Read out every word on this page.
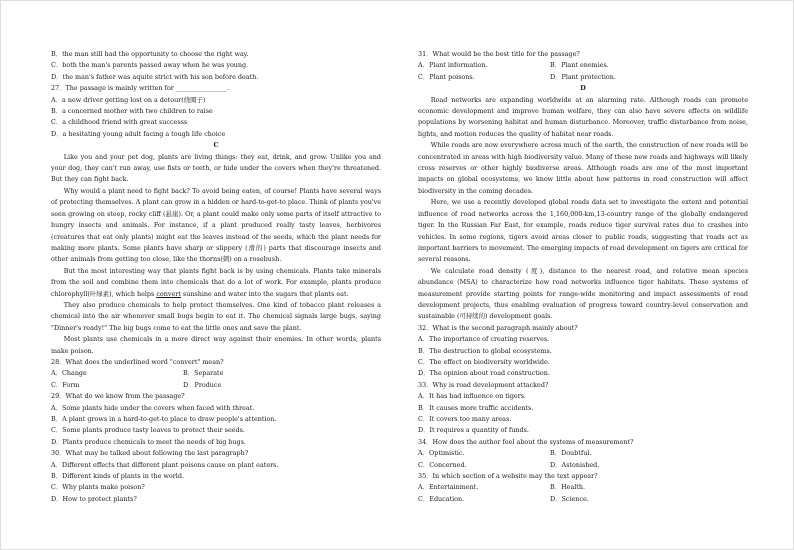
B．the man still had the opportunity to choose the right way.
C．both the man's parents passed away when he was young.
D．the man's father was aquite strict with his son before death.
27．The passage is mainly written for ________________.
A．a new driver getting lost on a detour(绕圈子)
B．a concerned mother with two children to raise
C．a childhood friend with great successs
D．a hesitating young adult facing a tough life choice
C
Like you and your pet dog, plants are living things: they eat, drink, and grow. Unlike you and your dog, they can't run away, use fists or teeth, or hide under the covers when they're threatened. But they can fight back.
Why would a plant need to fight back? To avoid being eaten, of course! Plants have several ways of protecting themselves. A plant can grow in a hidden or hard-to-get-to place. Think of plants you've seen growing on steep, rocky cliff (悬崖). Or, a plant could make only some parts of itself attractive to hungry insects and animals. For instance, if a plant produced really tasty leaves, herbivores (creatures that eat only plants) might eat the leaves instead of the seeds, which the plant needs for making more plants. Some plants have sharp or slippery (滑的) parts that discourage insects and other animals from getting too close, like the thorns(刺) on a rosebush.
But the most interesting way that plants fight back is by using chemicals. Plants take minerals from the soil and combine them into chemicals that do a lot of work. For example, plants produce chlorophyll(叶绿素), which helps convert sunshine and water into the sugars that plants eat.
They also produce chemicals to help protect themselves. One kind of tobacco plant releases a chemical into the air whenever small bugs begin to eat it. The chemical signals large bugs, saying "Dinner's ready!" The big bugs come to eat the little ones and save the plant.
Most plants use chemicals in a more direct way against their enemies. In other words, plants make poison.
28．What does the underlined word "convert" mean?
A．Change	B．Separate
C．Form	D．Produce
29．What do we know from the passage?
A．Some plants hide under the covers when faced with threat.
B．A plant grows in a hard-to-get-to place to draw people's attention.
C．Some plants produce tasty leaves to protect their seeds.
D．Plants produce chemicals to meet the needs of big bugs.
30．What may be talked about following the last paragraph?
A．Different effects that different plant poisons cause on plant eaters.
B．Different kinds of plants in the world.
C．Why plants make poison?
D．How to protect plants?
31．What would be the best title for the passage?
A．Plant information.	B．Plant enemies.
C．Plant poisons.	D．Plant protection.
D
Road networks are expanding worldwide at an alarming rate. Although roads can promote economic development and improve human welfare, they can also have severe effects on wildlife populations by worsening habitat and human disturbance. Moreover, traffic disturbance from noise, lights, and motion reduces the quality of habitat near roads.
While roads are now everywhere across much of the earth, the construction of new roads will be concentrated in areas with high biodiversity value. Many of these new roads and highways will likely cross reserves or other highly biodiverse areas. Although roads are one of the most important impacts on global ecosystems, we know little about how patterns in road construction will affect biodiversity in the coming decades.
Here, we use a recently developed global roads data set to investigate the extent and potential influence of road networks across the 1,160,000-km,13-country range of the globally endangered tiger. In the Russian Far East, for example, roads reduce tiger survival rates due to crashes into vehicles. In some regions, tigers avoid areas closer to public roads, suggesting that roads act as important barriers to movement. The emerging impacts of road development on tigers are critical for several reasons.
We calculate road density (度), distance to the nearest road, and relative mean species abundance (MSA) to characterize how road networks influence tiger habitats. These systems of measurement provide starting points for range-wide monitoring and impact assessments of road development projects, thus enabling evaluation of progress toward country-level conservation and sustainable (可持续的) development goals.
32．What is the second paragraph mainly about?
A．The importance of creating reserves.
B．The destruction to global ecosystems.
C．The effect on biodiversity worldwide.
D．The opinion about road construction.
33．Why is road development attacked?
A．It has bad influence on tigers.
B．It causes more traffic accidents.
C．It covers too many areas.
D．It requires a quantity of funds.
34．How does the author feel about the systems of measurement?
A．Optimistic.	B．Doubtful.
C．Concerned.	D．Astonished.
35．In which section of a website may the text appear?
A．Entertainment.	B．Health.
C．Education.	D．Science.
